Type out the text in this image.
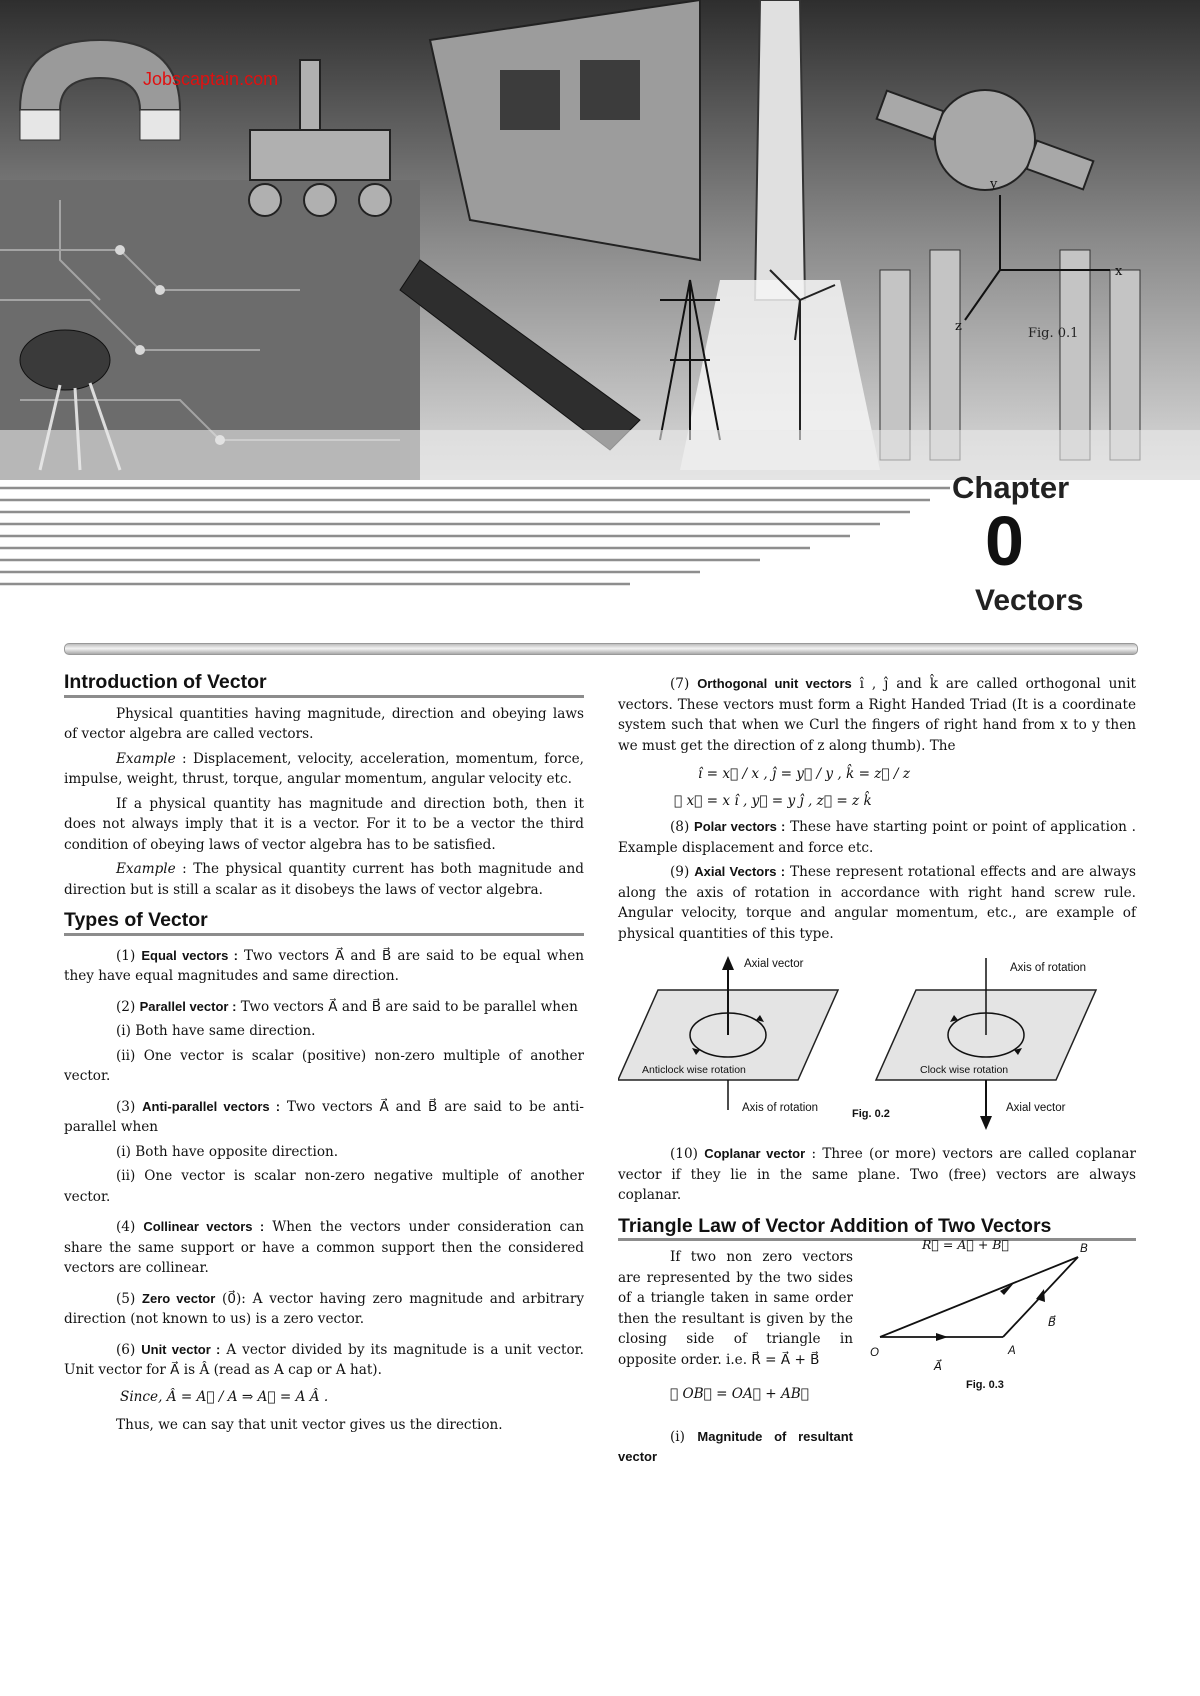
y
x
z
Jobscaptain.com
Fig. 0.1
Chapter
0
Vectors
Introduction of Vector

Physical quantities having magnitude, direction and obeying laws of vector algebra are called vectors.

Example : Displacement, velocity, acceleration, momentum, force, impulse, weight, thrust, torque, angular momentum, angular velocity etc.

If a physical quantity has magnitude and direction both, then it does not always imply that it is a vector. For it to be a vector the third condition of obeying laws of vector algebra has to be satisfied.

Example : The physical quantity current has both magnitude and direction but is still a scalar as it disobeys the laws of vector algebra.

Types of Vector

(1) Equal vectors : Two vectors A⃗ and B⃗ are said to be equal when they have equal magnitudes and same direction.

(2) Parallel vector : Two vectors A⃗ and B⃗ are said to be parallel when

(i) Both have same direction.

(ii) One vector is scalar (positive) non-zero multiple of another vector.

(3) Anti-parallel vectors : Two vectors A⃗ and B⃗ are said to be anti-parallel when

(i) Both have opposite direction.

(ii) One vector is scalar non-zero negative multiple of another vector.

(4) Collinear vectors : When the vectors under consideration can share the same support or have a common support then the considered vectors are collinear.

(5) Zero vector (0⃗): A vector having zero magnitude and arbitrary direction (not known to us) is a zero vector.

(6) Unit vector : A vector divided by its magnitude is a unit vector. Unit vector for A⃗ is Â (read as A cap or A hat).

Since, Â = A⃗ / A ⇒ A⃗ = A Â .

Thus, we can say that unit vector gives us the direction.

(7) Orthogonal unit vectors î , ĵ and k̂ are called orthogonal unit vectors. These vectors must form a Right Handed Triad (It is a coordinate system such that when we Curl the fingers of right hand from x to y then we must get the direction of z along thumb). The

î = x⃗ / x , ĵ = y⃗ / y , k̂ = z⃗ / z

∴ x⃗ = x î , y⃗ = y ĵ , z⃗ = z k̂

(8) Polar vectors : These have starting point or point of application . Example displacement and force etc.

(9) Axial Vectors : These represent rotational effects and are always along the axis of rotation in accordance with right hand screw rule. Angular velocity, torque and angular momentum, etc., are example of physical quantities of this type.

Axial vector
Anticlock wise rotation
Axis of rotation
Axis of rotation
Clock wise rotation
Axial vector
Fig. 0.2

(10) Coplanar vector : Three (or more) vectors are called coplanar vector if they lie in the same plane. Two (free) vectors are always coplanar.

Triangle Law of Vector Addition of Two Vectors

If two non zero vectors are represented by the two sides of a triangle taken in same order then the resultant is given by the closing side of triangle in opposite order. i.e. R⃗ = A⃗ + B⃗

∵ OB⃗ = OA⃗ + AB⃗

(i) Magnitude of resultant vector

R⃗ = A⃗ + B⃗
O	A
B
A⃗
B⃗
Fig. 0.3
